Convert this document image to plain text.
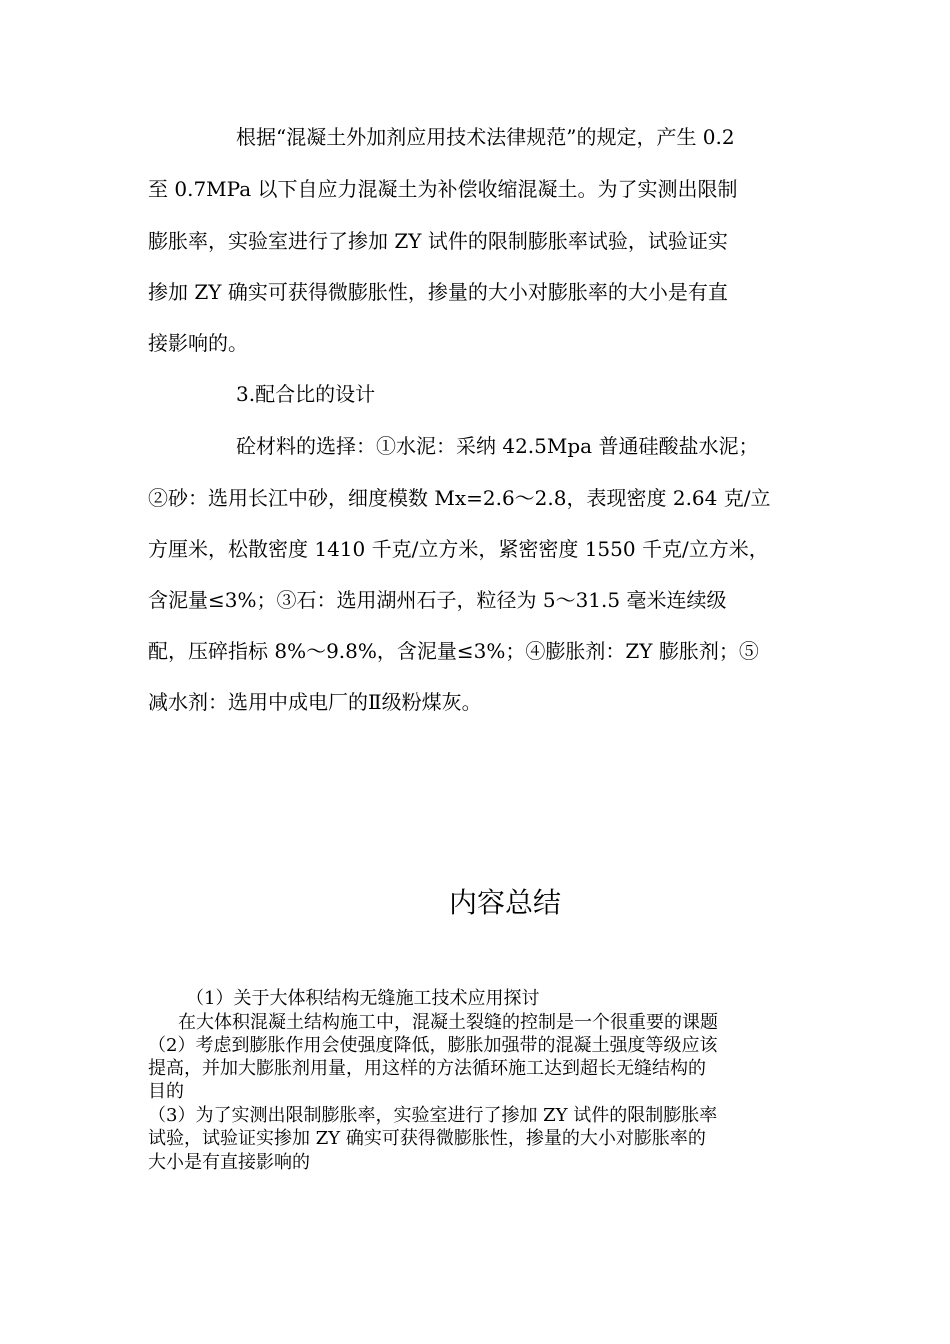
根据“混凝土外加剂应用技术法律规范”的规定，产生 0.2
至 0.7MPa 以下自应力混凝土为补偿收缩混凝土。为了实测出限制
膨胀率，实验室进行了掺加 ZY 试件的限制膨胀率试验，试验证实
掺加 ZY 确实可获得微膨胀性，掺量的大小对膨胀率的大小是有直
接影响的。
3.配合比的设计
砼材料的选择：①水泥：采纳 42.5Mpa 普通硅酸盐水泥；
②砂：选用长江中砂，细度模数 Mx=2.6～2.8，表现密度 2.64 克/立
方厘米，松散密度 1410 千克/立方米，紧密密度 1550 千克/立方米，
含泥量≤3%；③石：选用湖州石子，粒径为 5～31.5 毫米连续级
配，压碎指标 8%～9.8%，含泥量≤3%；④膨胀剂：ZY 膨胀剂；⑤
减水剂：选用中成电厂的Ⅱ级粉煤灰。
内容总结
（1）关于大体积结构无缝施工技术应用探讨
在大体积混凝土结构施工中，混凝土裂缝的控制是一个很重要的课题
（2）考虑到膨胀作用会使强度降低，膨胀加强带的混凝土强度等级应该
提高，并加大膨胀剂用量，用这样的方法循环施工达到超长无缝结构的
目的
（3）为了实测出限制膨胀率，实验室进行了掺加 ZY 试件的限制膨胀率
试验，试验证实掺加 ZY 确实可获得微膨胀性，掺量的大小对膨胀率的
大小是有直接影响的
